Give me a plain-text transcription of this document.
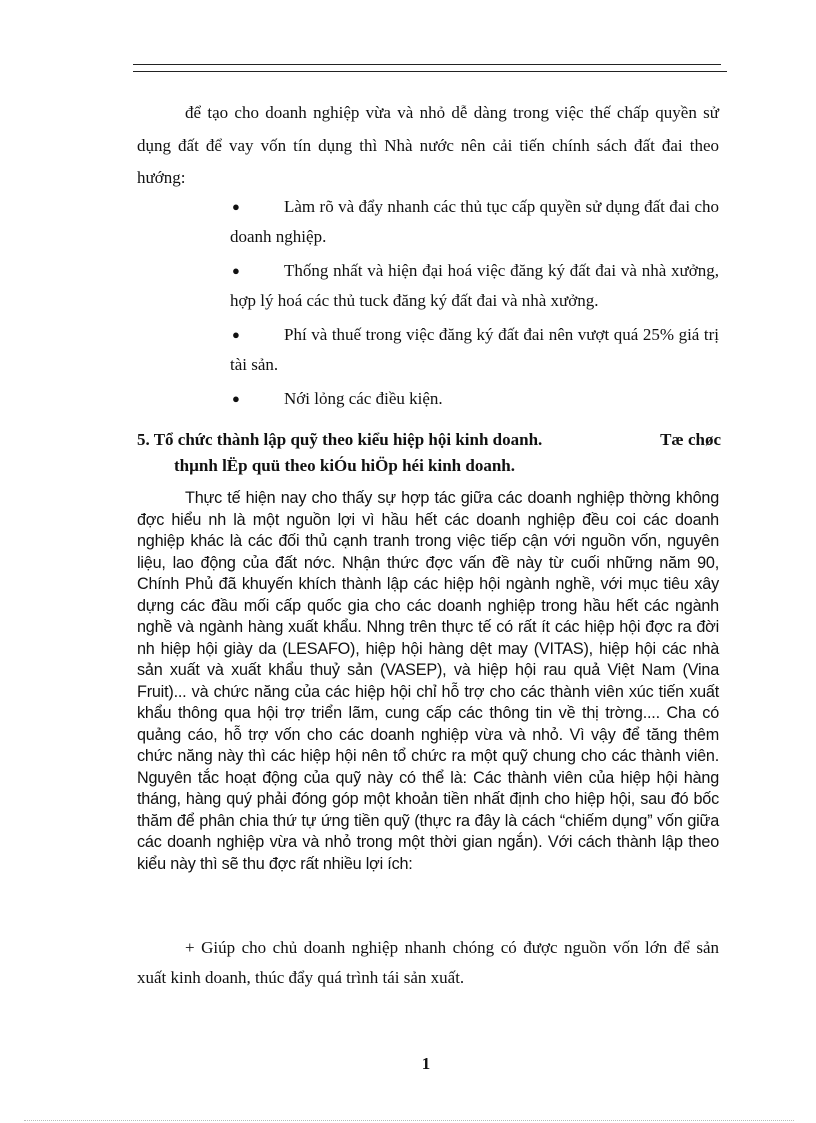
để tạo cho doanh nghiệp vừa và nhỏ dễ dàng trong việc thế chấp quyền sử dụng đất để vay vốn tín dụng thì Nhà nước nên cải tiến chính sách đất đai theo hướng:

●	Làm rõ và đẩy nhanh các thủ tục cấp quyền sử dụng đất đai cho doanh nghiệp.
●	Thống nhất và hiện đại hoá việc đăng ký đất đai và nhà xưởng, hợp lý hoá các thủ tuck đăng ký đất đai và nhà xưởng.
●	Phí và thuế trong việc đăng ký đất đai nên vượt quá 25% giá trị tài sản.
●	Nới lỏng các điều kiện.
5. Tổ chức thành lập quỹ theo kiểu hiệp hội kinh doanh.	Tæ chøc
thµnh lËp quü theo kiÓu hiÖp héi kinh doanh.

Thực tế hiện nay cho thấy sự hợp tác giữa các doanh nghiệp thờng không đợc hiểu nh là một nguồn lợi vì hầu hết các doanh nghiệp đều coi các doanh nghiệp khác là các đối thủ cạnh tranh trong việc tiếp cận với nguồn vốn, nguyên liệu, lao động của đất nớc. Nhận thức đợc vấn đề này từ cuối những năm 90, Chính Phủ đã khuyến khích thành lập các hiệp hội ngành nghề, với mục tiêu xây dựng các đầu mối cấp quốc gia cho các doanh nghiệp trong hầu hết các ngành nghề và ngành hàng xuất khẩu. Nhng trên thực tế có rất ít các hiệp hội đợc ra đời nh hiệp hội giày da (LESAFO), hiệp hội hàng dệt may (VITAS), hiệp hội các nhà sản xuất và xuất khẩu thuỷ sản (VASEP), và hiệp hội rau quả Việt Nam (Vina Fruit)... và chức năng của các hiệp hội chỉ hỗ trợ cho các thành viên xúc tiến xuất khẩu thông qua hội trợ triển lãm, cung cấp các thông tin về thị trờng.... Cha có quảng cáo, hỗ trợ vốn cho các doanh nghiệp vừa và nhỏ. Vì vậy để tăng thêm chức năng này thì các hiệp hội nên tổ chức ra một quỹ chung cho các thành viên. Nguyên tắc hoạt động của quỹ này có thể là: Các thành viên của hiệp hội hàng tháng, hàng quý phải đóng góp một khoản tiền nhất định cho hiệp hội, sau đó bốc thăm để phân chia thứ tự ứng tiền quỹ (thực ra đây là cách “chiếm dụng” vốn giữa các doanh nghiệp vừa và nhỏ trong một thời gian ngắn). Với cách thành lập theo kiểu này thì sẽ thu đợc rất nhiều lợi ích:

+ Giúp cho chủ doanh nghiệp nhanh chóng có được nguồn vốn lớn để sản xuất kinh doanh, thúc đẩy quá trình tái sản xuất.

1
